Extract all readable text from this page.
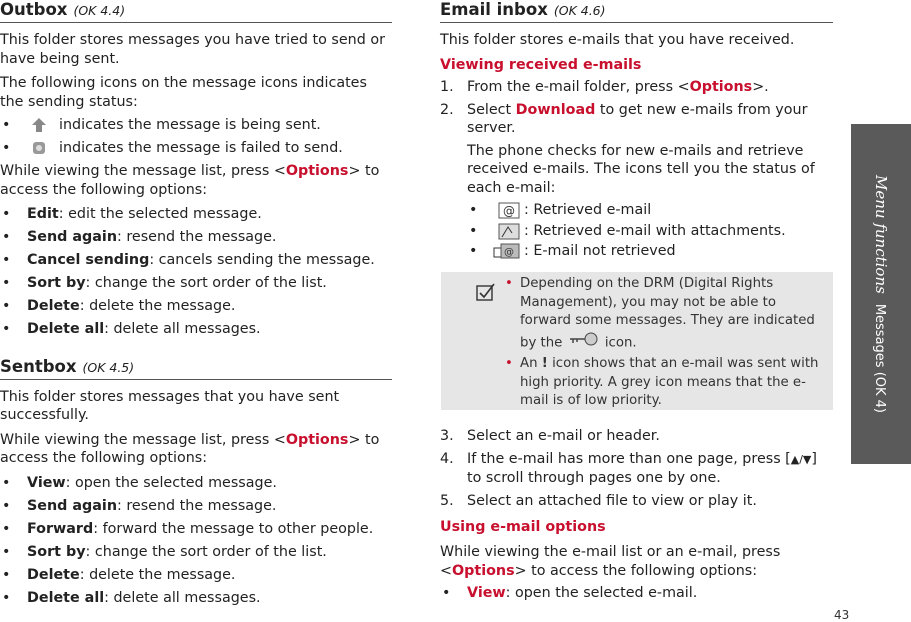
Outbox (OK 4.4)

This folder stores messages you have tried to send or have being sent.

The following icons on the message icons indicates the sending status:

• indicates the message is being sent.
• indicates the message is failed to send.

While viewing the message list, press <Options> to access the following options:

• Edit: edit the selected message.
• Send again: resend the message.
• Cancel sending: cancels sending the message.
• Sort by: change the sort order of the list.
• Delete: delete the message.
• Delete all: delete all messages.
Sentbox (OK 4.5)

This folder stores messages that you have sent successfully.

While viewing the message list, press <Options> to access the following options:

• View: open the selected message.
• Send again: resend the message.
• Forward: forward the message to other people.
• Sort by: change the sort order of the list.
• Delete: delete the message.
• Delete all: delete all messages.
Email inbox (OK 4.6)

This folder stores e-mails that you have received.

Viewing received e-mails

1. From the e-mail folder, press <Options>.
2. Select Download to get new e-mails from your server.

The phone checks for new e-mails and retrieve received e-mails. The icons tell you the status of each e-mail:

• @ : Retrieved e-mail
• : Retrieved e-mail with attachments.
• @ : E-mail not retrieved
3. Select an e-mail or header.
4. If the e-mail has more than one page, press [▲/▼] to scroll through pages one by one.
5. Select an attached file to view or play it.

Using e-mail options

While viewing the e-mail list or an e-mail, press <Options> to access the following options:

• View: open the selected e-mail.
• Depending on the DRM (Digital Rights Management), you may not be able to forward some messages. They are indicated by the	icon.
• An ! icon shows that an e-mail was sent with high priority. A grey icon means that the e-mail is of low priority.
Menu functionsMessages (OK 4)
43
